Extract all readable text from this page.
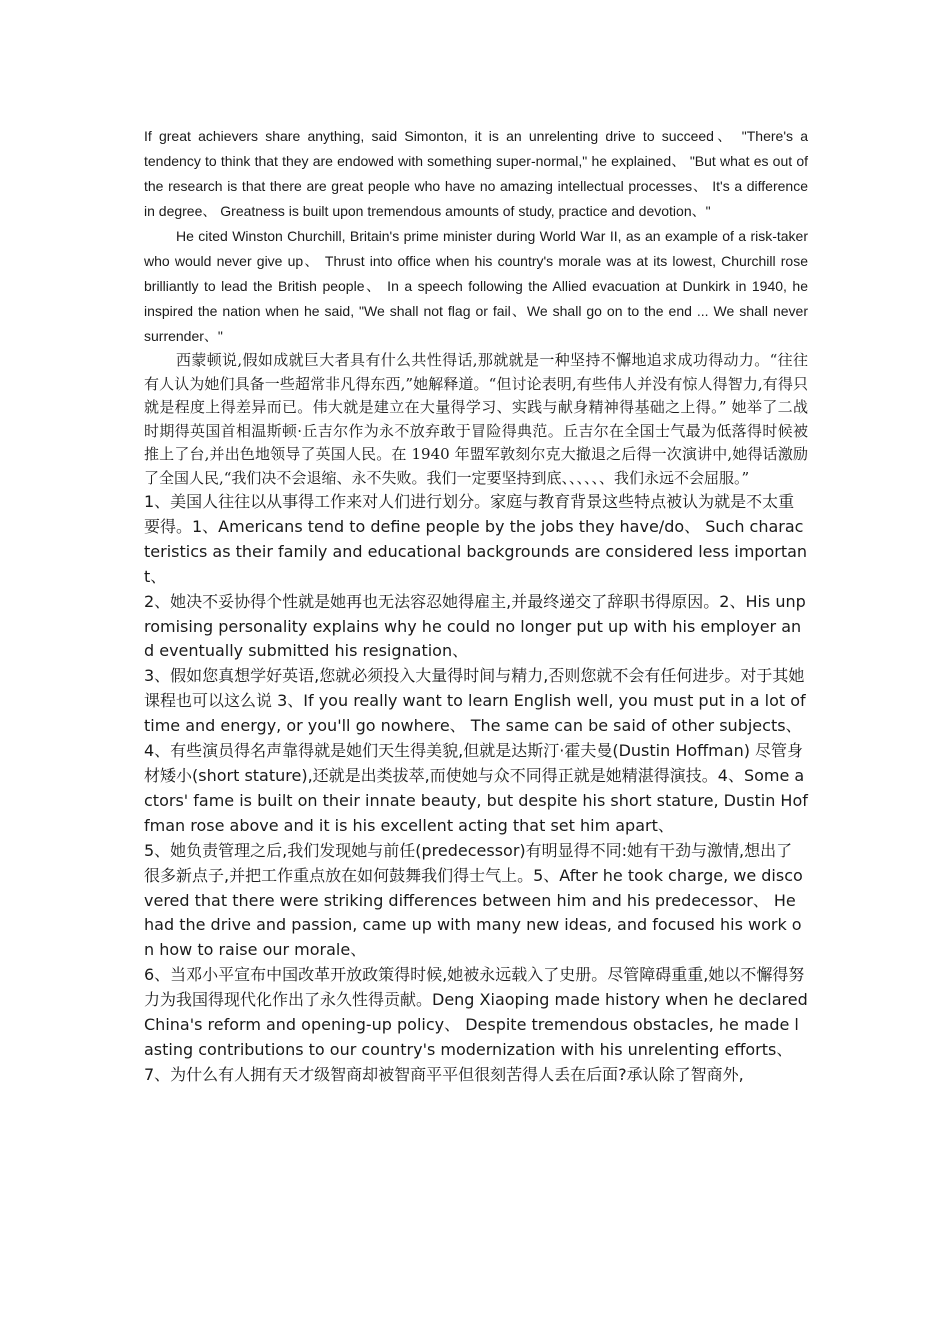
If great achievers share anything, said Simonton, it is an unrelenting drive to succeed、 "There's a tendency to think that they are endowed with something super-normal," he explained、 "But what es out of the research is that there are great people who have no amazing intellectual processes、 It's a difference in degree、 Greatness is built upon tremendous amounts of study, practice and devotion、"

He cited Winston Churchill, Britain's prime minister during World War II, as an example of a risk-taker who would never give up、 Thrust into office when his country's morale was at its lowest, Churchill rose brilliantly to lead the British people、 In a speech following the Allied evacuation at Dunkirk in 1940, he inspired the nation when he said, "We shall not flag or fail、We shall go on to the end ... We shall never surrender、"

西蒙顿说,假如成就巨大者具有什么共性得话,那就就是一种坚持不懈地追求成功得动力。“往往有人认为她们具备一些超常非凡得东西,”她解释道。“但讨论表明,有些伟人并没有惊人得智力,有得只就是程度上得差异而已。伟大就是建立在大量得学习、实践与献身精神得基础之上得。” 她举了二战时期得英国首相温斯顿·丘吉尔作为永不放弃敢于冒险得典范。丘吉尔在全国士气最为低落得时候被推上了台,并出色地领导了英国人民。在 1940 年盟军敦刻尔克大撤退之后得一次演讲中,她得话激励了全国人民,“我们决不会退缩、永不失败。我们一定要坚持到底、、、、、、我们永远不会屈服。”

1、美国人往往以从事得工作来对人们进行划分。家庭与教育背景这些特点被认为就是不太重要得。1、Americans tend to define people by the jobs they have/do、 Such characteristics as their family and educational backgrounds are considered less important、

2、她决不妥协得个性就是她再也无法容忍她得雇主,并最终递交了辞职书得原因。2、His unpromising personality explains why he could no longer put up with his employer and eventually submitted his resignation、

3、假如您真想学好英语,您就必须投入大量得时间与精力,否则您就不会有任何进步。对于其她课程也可以这么说 3、If you really want to learn English well, you must put in a lot of time and energy, or you'll go nowhere、 The same can be said of other subjects、

4、有些演员得名声靠得就是她们天生得美貌,但就是达斯汀·霍夫曼(Dustin Hoffman) 尽管身材矮小(short stature),还就是出类拔萃,而使她与众不同得正就是她精湛得演技。4、Some actors' fame is built on their innate beauty, but despite his short stature, Dustin Hoffman rose above and it is his excellent acting that set him apart、

5、她负责管理之后,我们发现她与前任(predecessor)有明显得不同:她有干劲与激情,想出了很多新点子,并把工作重点放在如何鼓舞我们得士气上。5、After he took charge, we discovered that there were striking differences between him and his predecessor、 He had the drive and passion, came up with many new ideas, and focused his work on how to raise our morale、

6、当邓小平宣布中国改革开放政策得时候,她被永远载入了史册。尽管障碍重重,她以不懈得努力为我国得现代化作出了永久性得贡献。Deng Xiaoping made history when he declared China's reform and opening-up policy、 Despite tremendous obstacles, he made lasting contributions to our country's modernization with his unrelenting efforts、

7、为什么有人拥有天才级智商却被智商平平但很刻苦得人丢在后面?承认除了智商外,
